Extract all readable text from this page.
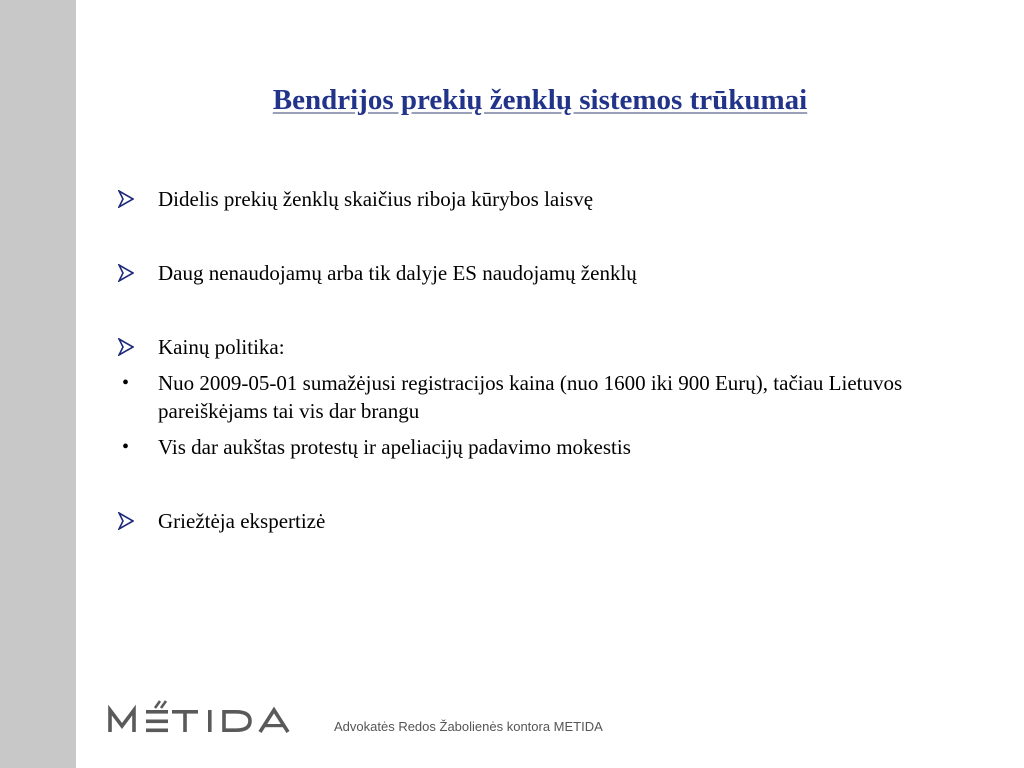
Bendrijos prekių ženklų sistemos trūkumai
Didelis prekių ženklų skaičius riboja kūrybos laisvę
Daug nenaudojamų arba tik dalyje ES naudojamų ženklų
Kainų politika:
•	Nuo 2009-05-01 sumažėjusi registracijos kaina (nuo 1600 iki 900 Eurų), tačiau Lietuvos pareiškėjams tai vis dar brangu
•	Vis dar aukštas protestų ir apeliacijų padavimo mokestis
Griežtėja ekspertizė
Advokatės Redos Žabolienės kontora METIDA
